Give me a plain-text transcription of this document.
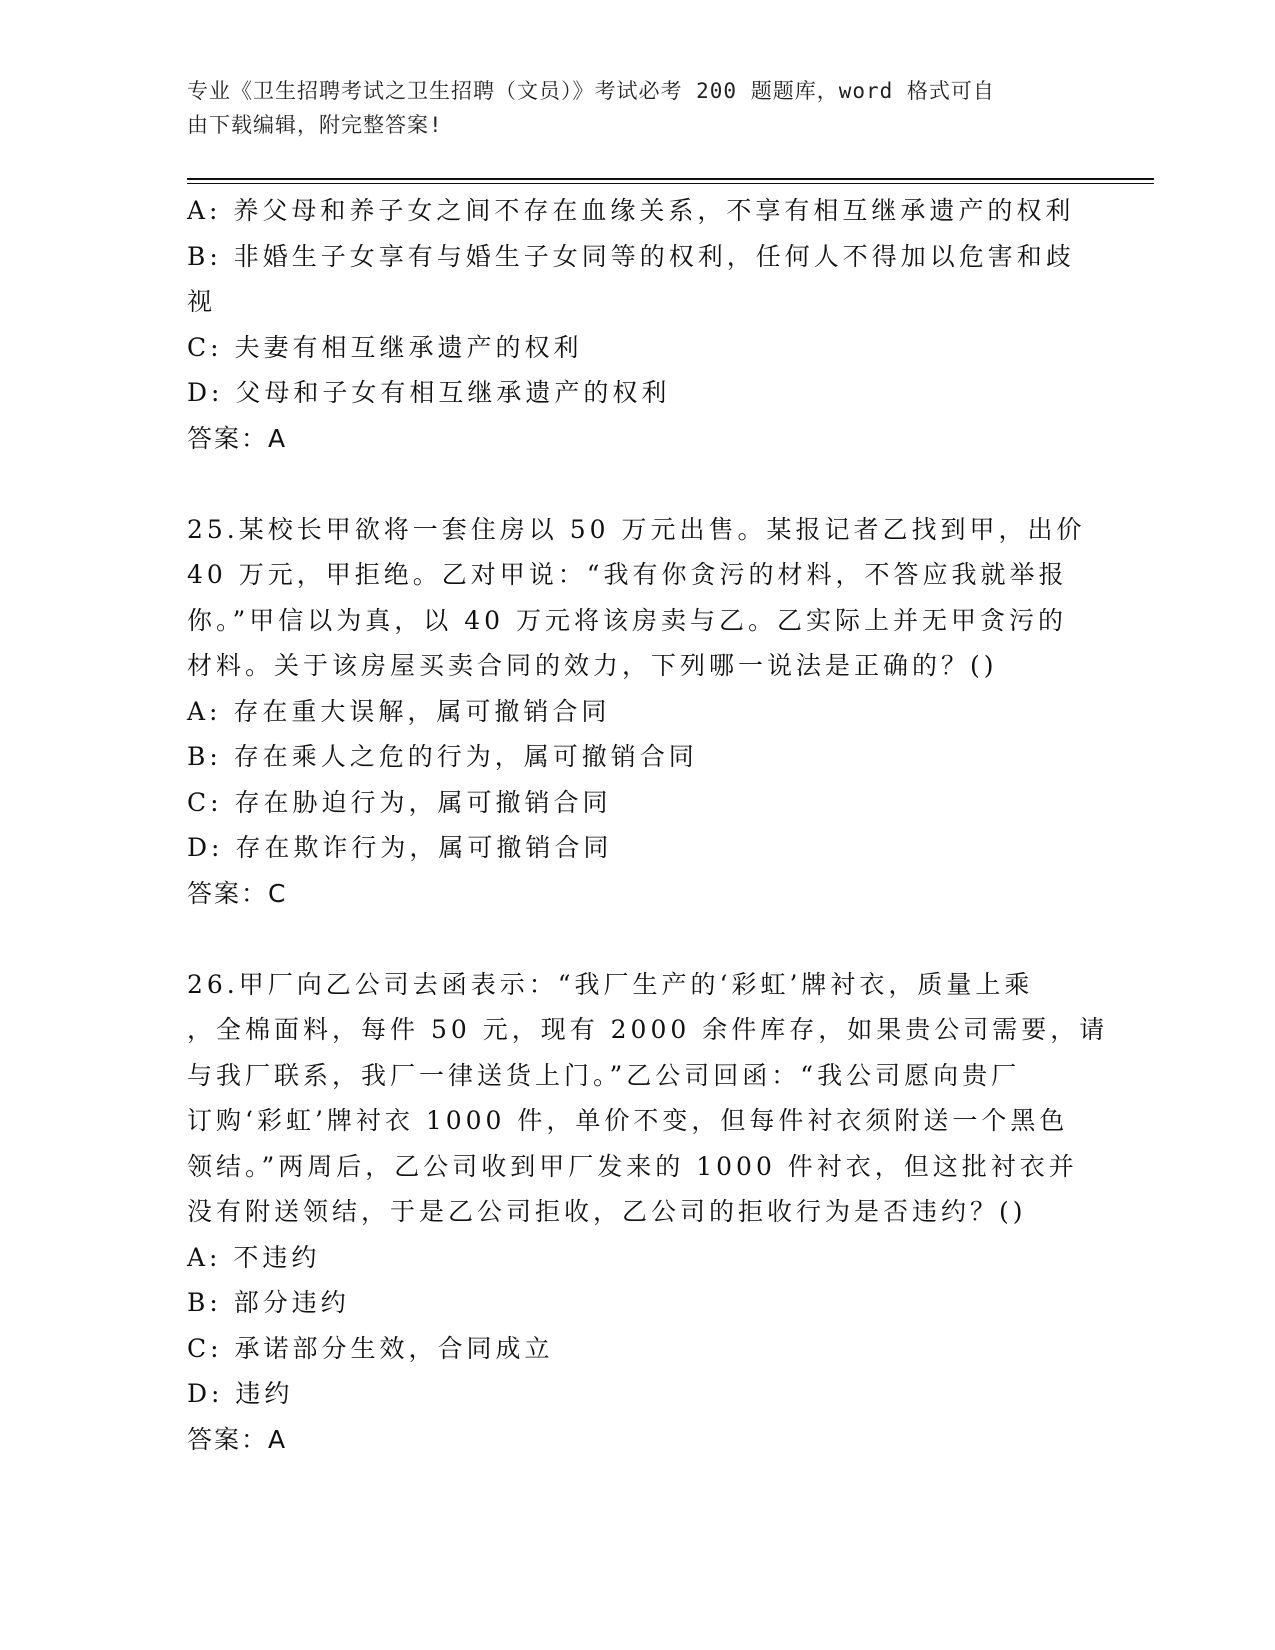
专业《卫生招聘考试之卫生招聘（文员）》考试必考 200 题题库，word 格式可自
由下载编辑，附完整答案!
A: 养父母和养子女之间不存在血缘关系，不享有相互继承遗产的权利
B: 非婚生子女享有与婚生子女同等的权利，任何人不得加以危害和歧
视
C: 夫妻有相互继承遗产的权利
D: 父母和子女有相互继承遗产的权利
答案：A
25.某校长甲欲将一套住房以 50 万元出售。某报记者乙找到甲，出价
40 万元，甲拒绝。乙对甲说：“我有你贪污的材料，不答应我就举报
你。”甲信以为真，以 40 万元将该房卖与乙。乙实际上并无甲贪污的
材料。关于该房屋买卖合同的效力，下列哪一说法是正确的？()
A: 存在重大误解，属可撤销合同
B: 存在乘人之危的行为，属可撤销合同
C: 存在胁迫行为，属可撤销合同
D: 存在欺诈行为，属可撤销合同
答案：C
26.甲厂向乙公司去函表示：“我厂生产的‘彩虹’牌衬衣，质量上乘
，全棉面料，每件 50 元，现有 2000 余件库存，如果贵公司需要，请
与我厂联系，我厂一律送货上门。”乙公司回函：“我公司愿向贵厂
订购‘彩虹’牌衬衣 1000 件，单价不变，但每件衬衣须附送一个黑色
领结。”两周后，乙公司收到甲厂发来的 1000 件衬衣，但这批衬衣并
没有附送领结，于是乙公司拒收，乙公司的拒收行为是否违约？()
A: 不违约
B: 部分违约
C: 承诺部分生效，合同成立
D: 违约
答案：A
